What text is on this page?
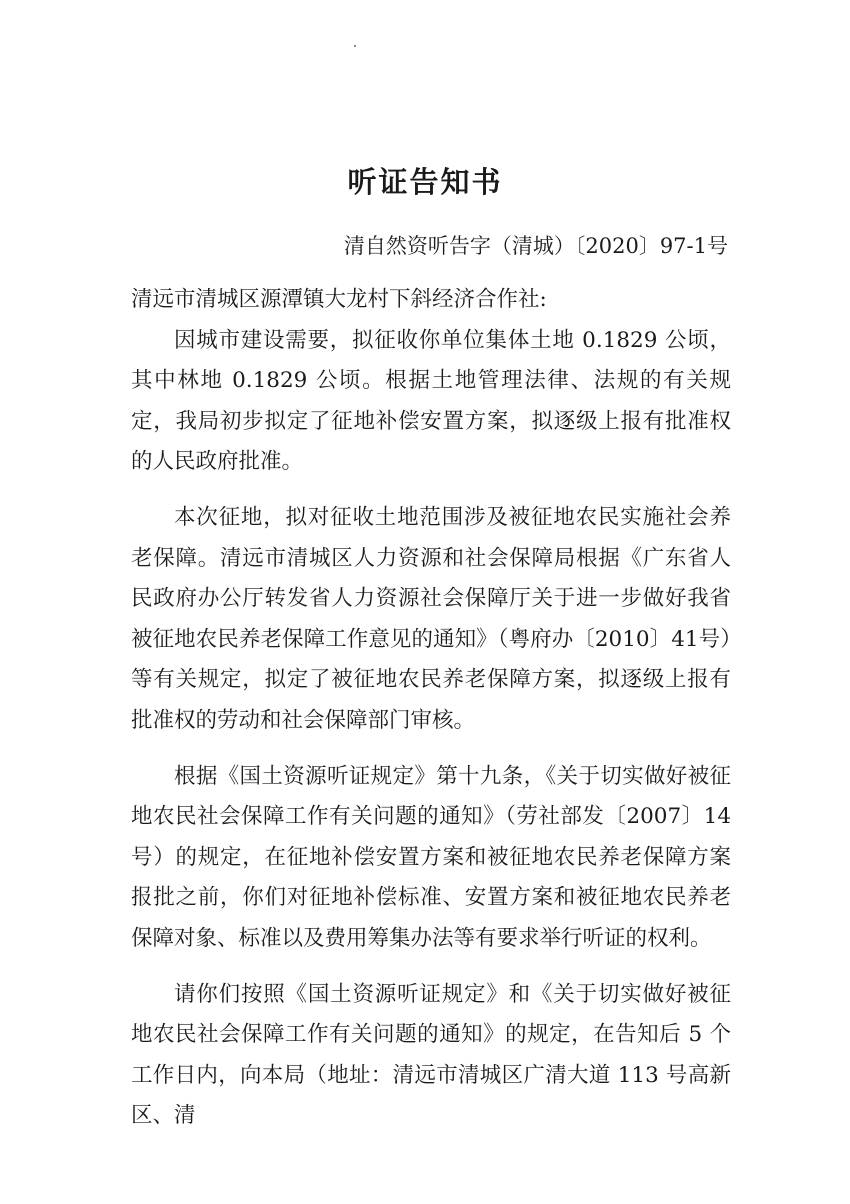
听证告知书

清自然资听告字（清城）〔2020〕97-1号

清远市清城区源潭镇大龙村下斜经济合作社:

因城市建设需要，拟征收你单位集体土地 0.1829 公顷，其中林地 0.1829 公顷。根据土地管理法律、法规的有关规定，我局初步拟定了征地补偿安置方案，拟逐级上报有批准权的人民政府批准。

本次征地，拟对征收土地范围涉及被征地农民实施社会养老保障。清远市清城区人力资源和社会保障局根据《广东省人民政府办公厅转发省人力资源社会保障厅关于进一步做好我省被征地农民养老保障工作意见的通知》（粤府办〔2010〕41号）等有关规定，拟定了被征地农民养老保障方案，拟逐级上报有批准权的劳动和社会保障部门审核。

根据《国土资源听证规定》第十九条，《关于切实做好被征地农民社会保障工作有关问题的通知》（劳社部发〔2007〕14号）的规定，在征地补偿安置方案和被征地农民养老保障方案报批之前，你们对征地补偿标准、安置方案和被征地农民养老保障对象、标准以及费用筹集办法等有要求举行听证的权利。

请你们按照《国土资源听证规定》和《关于切实做好被征地农民社会保障工作有关问题的通知》的规定，在告知后 5 个工作日内，向本局（地址：清远市清城区广清大道 113 号高新区、清
